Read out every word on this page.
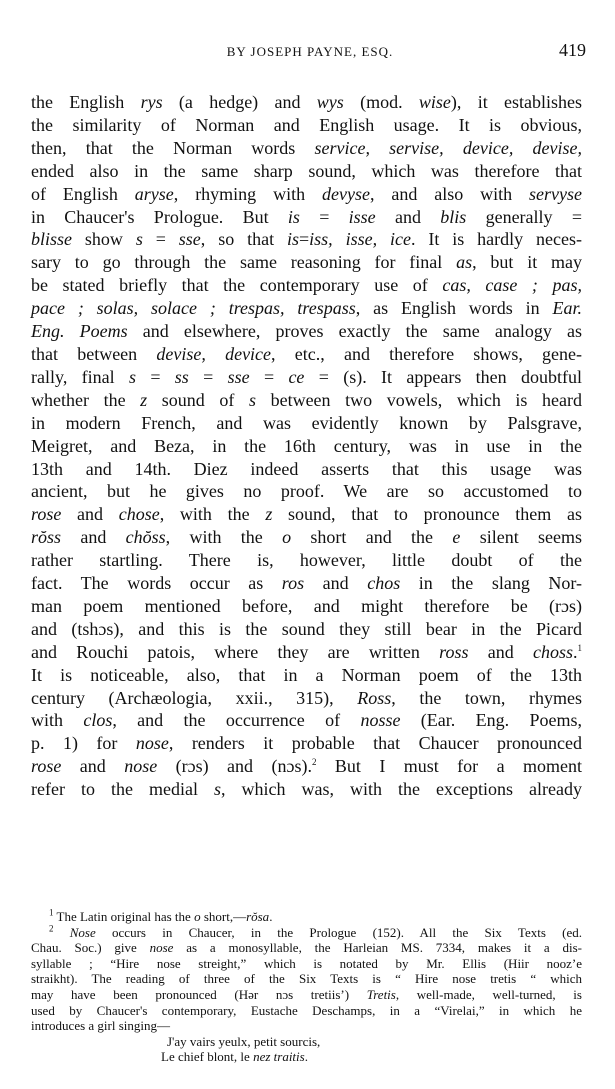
BY JOSEPH PAYNE, ESQ.	419
the English rys (a hedge) and wys (mod. wise), it establishes
the similarity of Norman and English usage. It is obvious,
then, that the Norman words service, servise, device, devise,
ended also in the same sharp sound, which was therefore that
of English aryse, rhyming with devyse, and also with servyse
in Chaucer's Prologue. But is = isse and blis generally =
blisse show s = sse, so that is=iss, isse, ice. It is hardly neces-
sary to go through the same reasoning for final as, but it may
be stated briefly that the contemporary use of cas, case ; pas,
pace ; solas, solace ; trespas, trespass, as English words in Ear.
Eng. Poems and elsewhere, proves exactly the same analogy as
that between devise, device, etc., and therefore shows, gene-
rally, final s = ss = sse = ce = (s). It appears then doubtful
whether the z sound of s between two vowels, which is heard
in modern French, and was evidently known by Palsgrave,
Meigret, and Beza, in the 16th century, was in use in the
13th and 14th. Diez indeed asserts that this usage was
ancient, but he gives no proof. We are so accustomed to
rose and chose, with the z sound, that to pronounce them as
rŏss and chŏss, with the o short and the e silent seems
rather startling. There is, however, little doubt of the
fact. The words occur as ros and chos in the slang Nor-
man poem mentioned before, and might therefore be (rɔs)
and (tshɔs), and this is the sound they still bear in the Picard
and Rouchi patois, where they are written ross and choss.$^1$
It is noticeable, also, that in a Norman poem of the 13th
century (Archæologia, xxii., 315), Ross, the town, rhymes
with clos, and the occurrence of nosse (Ear. Eng. Poems,
p. 1) for nose, renders it probable that Chaucer pronounced
rose and nose (rɔs) and (nɔs).$^2$ But I must for a moment
refer to the medial s, which was, with the exceptions already
$^1$ The Latin original has the o short,—rŏsa.
$^2$ Nose occurs in Chaucer, in the Prologue (152). All the Six Texts (ed.
Chau. Soc.) give nose as a monosyllable, the Harleian MS. 7334, makes it a dis-
syllable ; “Hire nose streight,” which is notated by Mr. Ellis (Hiir nooz’e
straikht). The reading of three of the Six Texts is “ Hire nose tretis “ which
may have been pronounced (Hər nɔs tretiis’) Tretis, well-made, well-turned, is
used by Chaucer's contemporary, Eustache Deschamps, in a “Virelai,” in which he
introduces a girl singing—
J'ay vairs yeulx, petit sourcis,
Le chief blont, le nez traitis.
